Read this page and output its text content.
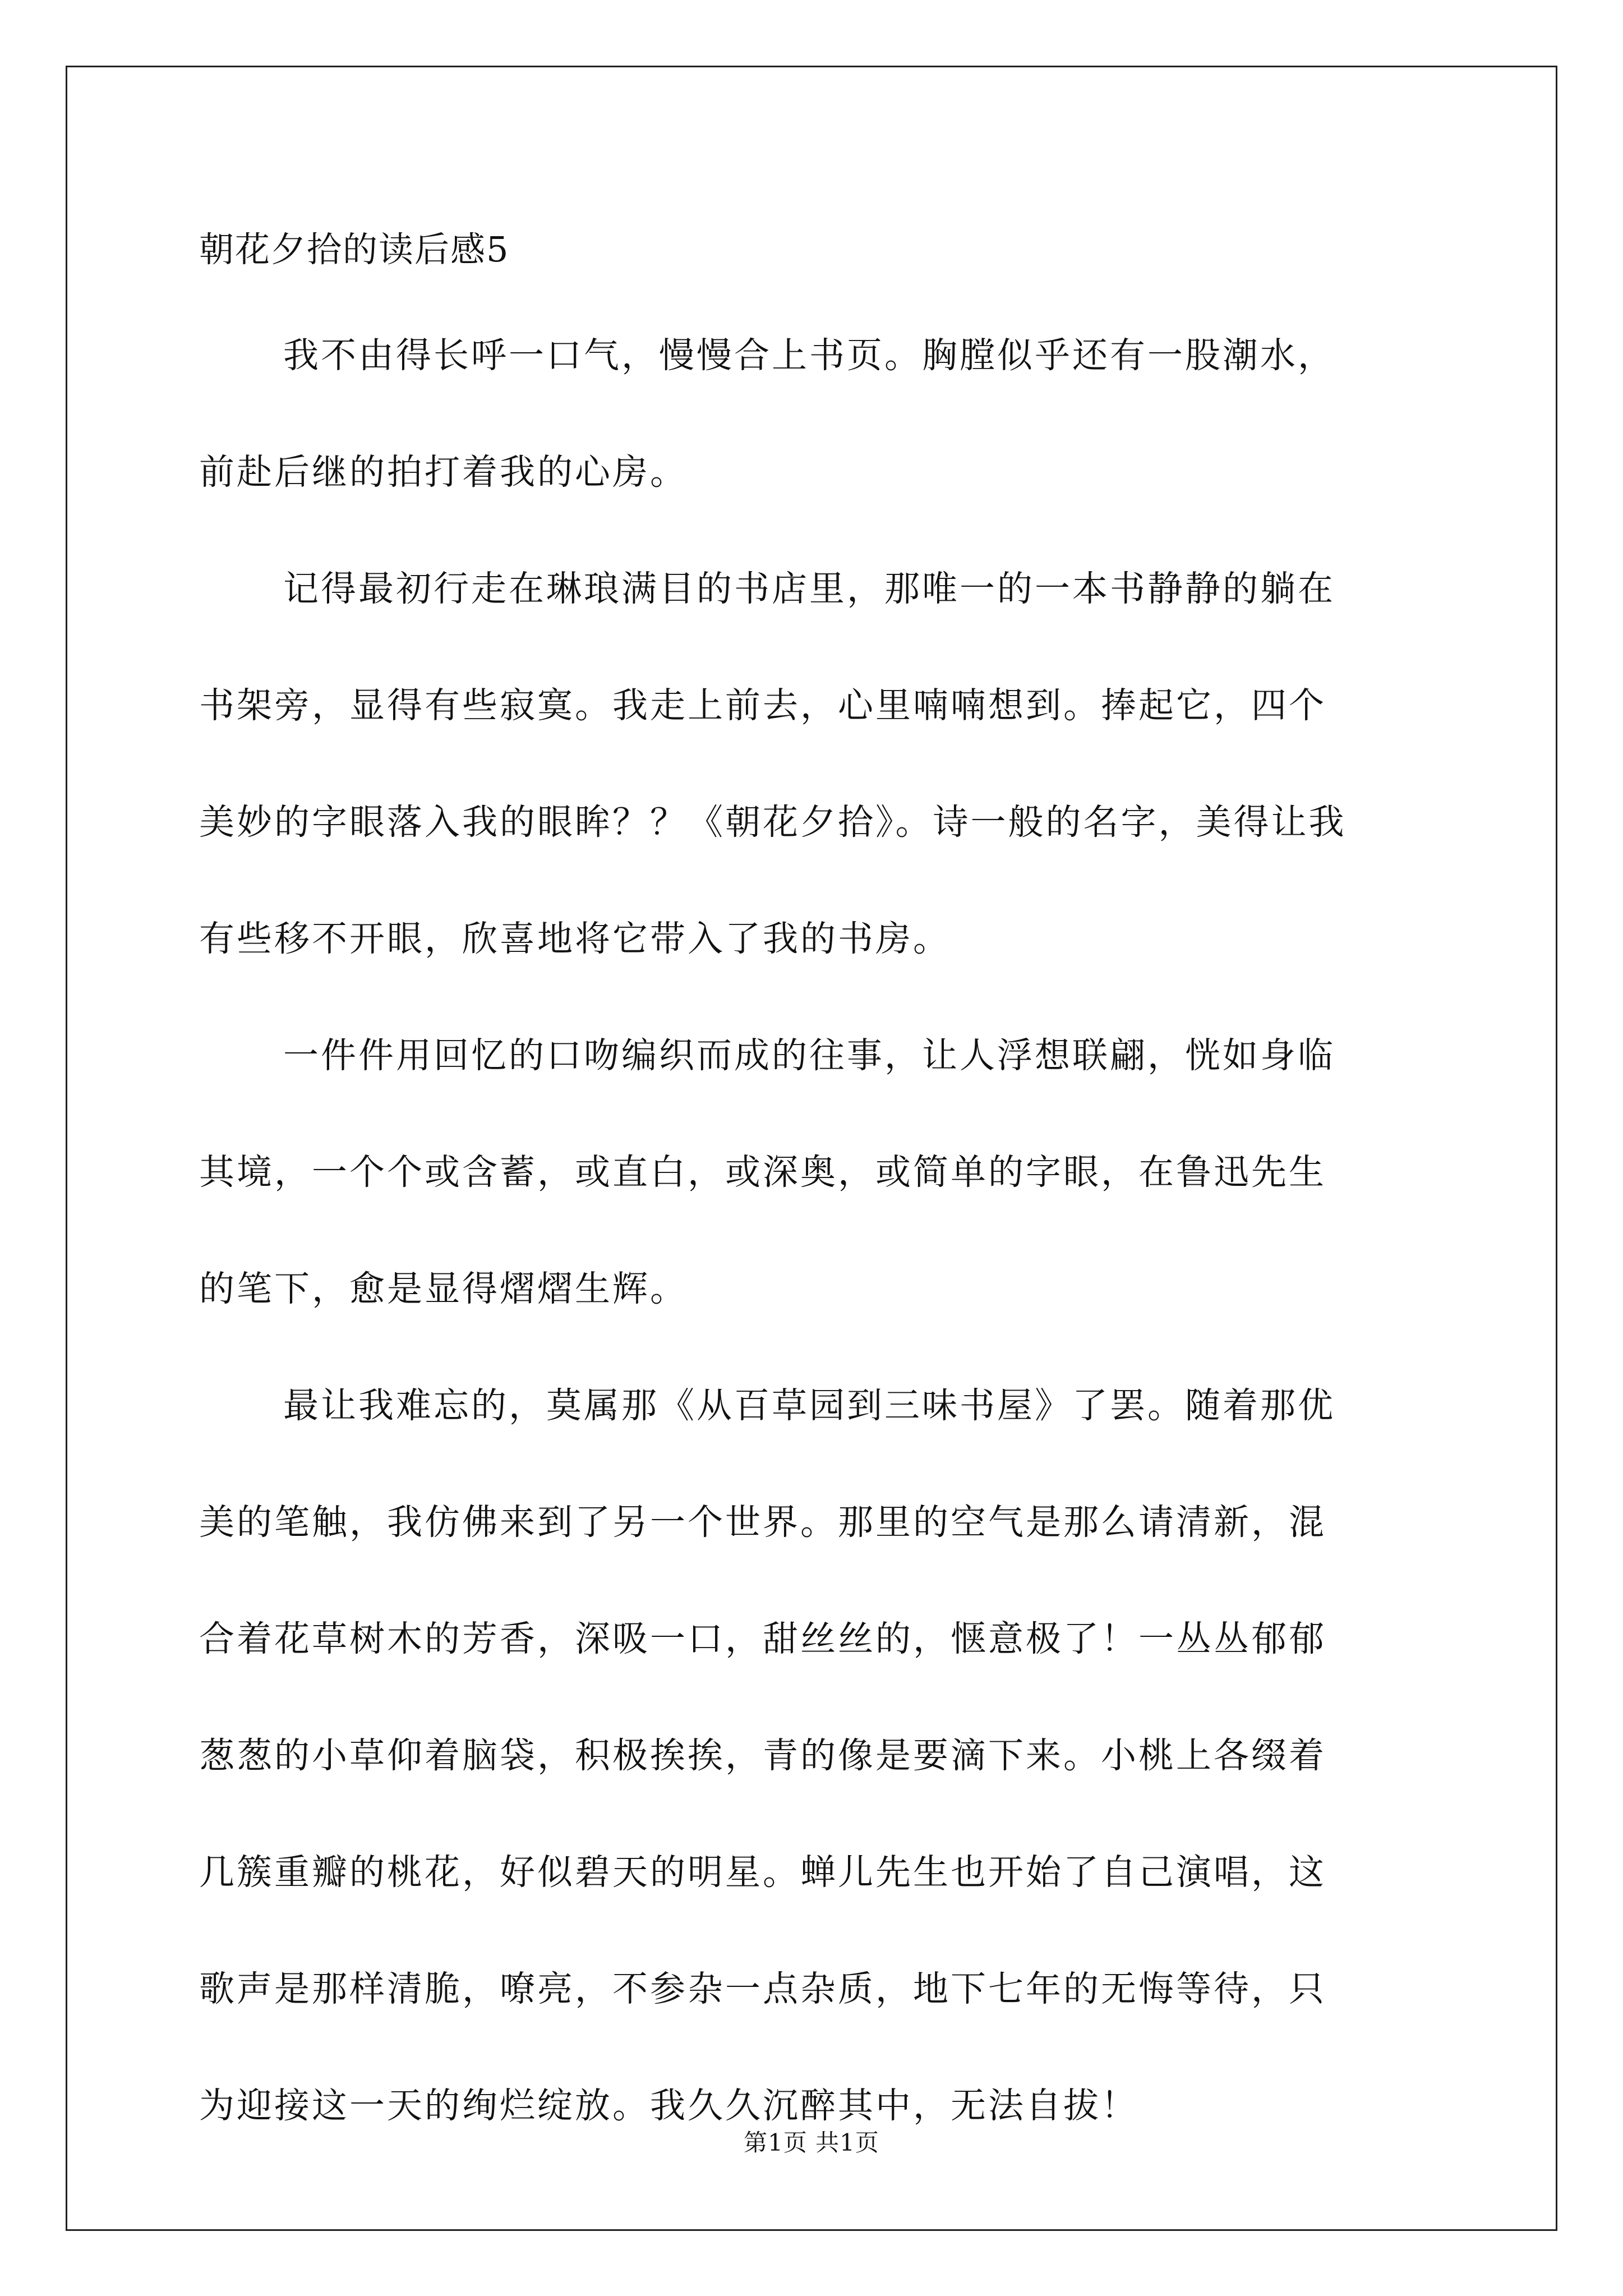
朝花夕拾的读后感5

我不由得长呼一口气，慢慢合上书页。胸膛似乎还有一股潮水，
前赴后继的拍打着我的心房。

记得最初行走在琳琅满目的书店里，那唯一的一本书静静的躺在
书架旁，显得有些寂寞。我走上前去，心里喃喃想到。捧起它，四个
美妙的字眼落入我的眼眸？？《朝花夕拾》。诗一般的名字，美得让我
有些移不开眼，欣喜地将它带入了我的书房。

一件件用回忆的口吻编织而成的往事，让人浮想联翩，恍如身临
其境，一个个或含蓄，或直白，或深奥，或简单的字眼，在鲁迅先生
的笔下，愈是显得熠熠生辉。

最让我难忘的，莫属那《从百草园到三味书屋》了罢。随着那优
美的笔触，我仿佛来到了另一个世界。那里的空气是那么请清新，混
合着花草树木的芳香，深吸一口，甜丝丝的，惬意极了！一丛丛郁郁
葱葱的小草仰着脑袋，积极挨挨，青的像是要滴下来。小桃上各缀着
几簇重瓣的桃花，好似碧天的明星。蝉儿先生也开始了自己演唱，这
歌声是那样清脆，嘹亮，不参杂一点杂质，地下七年的无悔等待，只
为迎接这一天的绚烂绽放。我久久沉醉其中，无法自拔！

第1页 共1页
